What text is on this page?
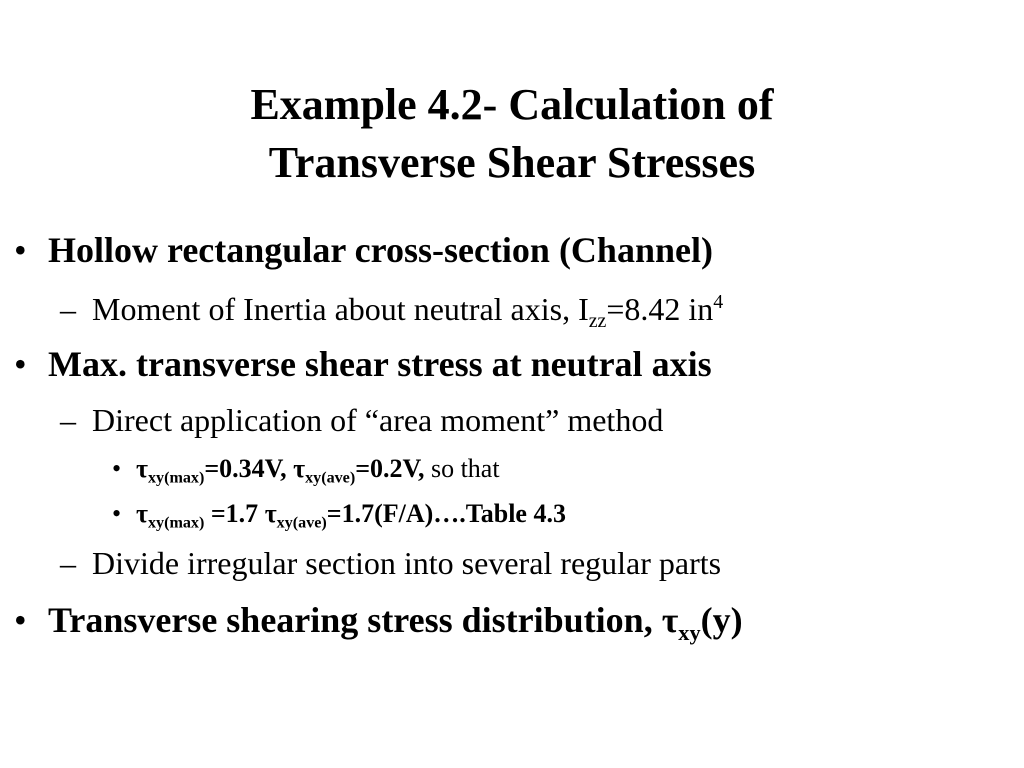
Example 4.2- Calculation of
Transverse Shear Stresses
• Hollow rectangular cross-section (Channel)
– Moment of Inertia about neutral axis, $I_{zz}=8.42$ $in^4$
• Max. transverse shear stress at neutral axis
– Direct application of “area moment” method
• $\tau_{xy(max)}=0.34V$, $\tau_{xy(ave)}=0.2V$, so that
• $\tau_{xy(max)} =1.7$ $\tau_{xy(ave)}=1.7(F/A)\dots.Table$ 4.3
– Divide irregular section into several regular parts
• Transverse shearing stress distribution, $\tau_{xy}(y)$
